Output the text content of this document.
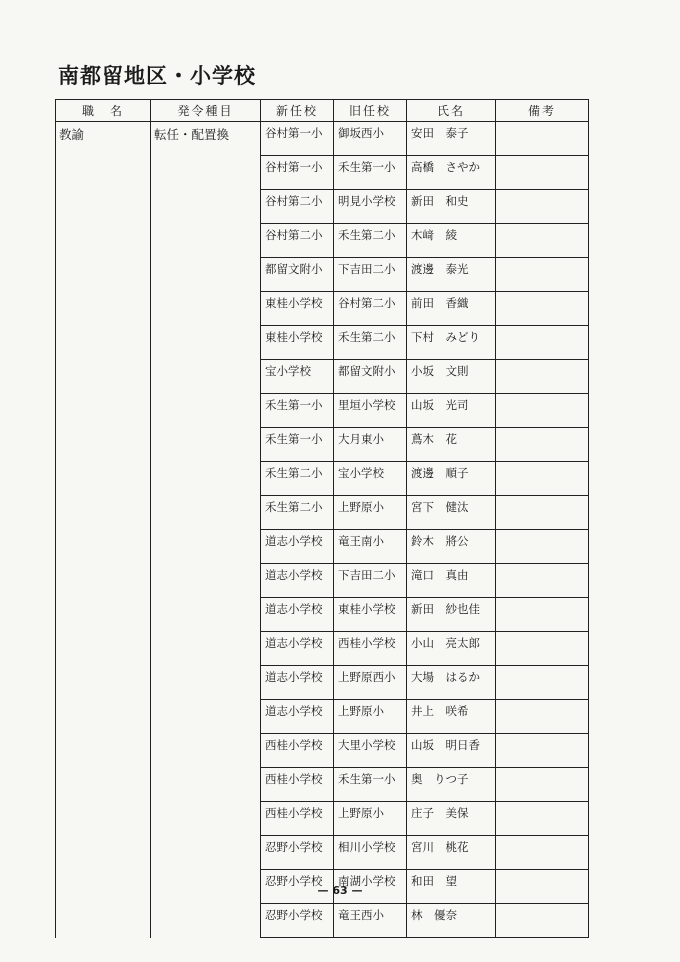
南都留地区・小学校
職　名	発令種目	新任校	旧任校	氏名	備考
教諭	転任・配置換	谷村第一小	御坂西小	安田　泰子	
		谷村第一小	禾生第一小	高橋　さやか	
		谷村第二小	明見小学校	新田　和史	
		谷村第二小	禾生第二小	木﨑　綾	
		都留文附小	下吉田二小	渡邊　泰光	
		東桂小学校	谷村第二小	前田　香織	
		東桂小学校	禾生第二小	下村　みどり	
		宝小学校	都留文附小	小坂　文則	
		禾生第一小	里垣小学校	山坂　光司	
		禾生第一小	大月東小	蔦木　花	
		禾生第二小	宝小学校	渡邊　順子	
		禾生第二小	上野原小	宮下　健汰	
		道志小学校	竜王南小	鈴木　將公	
		道志小学校	下吉田二小	滝口　真由	
		道志小学校	東桂小学校	新田　紗也佳	
		道志小学校	西桂小学校	小山　亮太郎	
		道志小学校	上野原西小	大場　はるか	
		道志小学校	上野原小	井上　咲希	
		西桂小学校	大里小学校	山坂　明日香	
		西桂小学校	禾生第一小	奥　りつ子	
		西桂小学校	上野原小	庄子　美保	
		忍野小学校	相川小学校	宮川　桃花	
		忍野小学校	南湖小学校	和田　望	
		忍野小学校	竜王西小	林　優奈	
— 63 —
